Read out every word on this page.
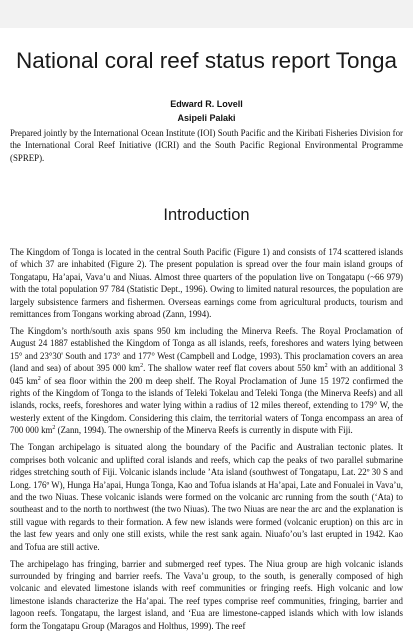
National coral reef status report Tonga
Edward R. Lovell
Asipeli Palaki

Prepared jointly by the International Ocean Institute (IOI) South Pacific and the Kiribati Fisheries Division for the International Coral Reef Initiative (ICRI) and the South Pacific Regional Environmental Programme (SPREP).

Introduction

The Kingdom of Tonga is located in the central South Pacific (Figure 1) and consists of 174 scattered islands of which 37 are inhabited (Figure 2). The present population is spread over the four main island groups of Tongatapu, Ha’apai, Vava’u and Niuas. Almost three quarters of the population live on Tongatapu (~66 979) with the total population 97 784 (Statistic Dept., 1996). Owing to limited natural resources, the population are largely subsistence farmers and fishermen. Overseas earnings come from agricultural products, tourism and remittances from Tongans working abroad (Zann, 1994).

The Kingdom’s north/south axis spans 950 km including the Minerva Reefs. The Royal Proclamation of August 24 1887 established the Kingdom of Tonga as all islands, reefs, foreshores and waters lying between 15° and 23°30' South and 173° and 177° West (Campbell and Lodge, 1993). This proclamation covers an area (land and sea) of about 395 000 $km^2$. The shallow water reef flat covers about 550 $km^2$ with an additional 3 045 $km^2$ of sea floor within the 200 m deep shelf. The Royal Proclamation of June 15 1972 confirmed the rights of the Kingdom of Tonga to the islands of Teleki Tokelau and Teleki Tonga (the Minerva Reefs) and all islands, rocks, reefs, foreshores and water lying within a radius of 12 miles thereof, extending to 179° W, the westerly extent of the Kingdom. Considering this claim, the territorial waters of Tonga encompass an area of 700 000 $km^2$ (Zann, 1994). The ownership of the Minerva Reefs is currently in dispute with Fiji.

The Tongan archipelago is situated along the boundary of the Pacific and Australian tectonic plates. It comprises both volcanic and uplifted coral islands and reefs, which cap the peaks of two parallel submarine ridges stretching south of Fiji. Volcanic islands include ’Ata island (southwest of Tongatapu, Lat. 22º 30 S and Long. 176º W), Hunga Ha’apai, Hunga Tonga, Kao and Tofua islands at Ha’apai, Late and Fonualei in Vava’u, and the two Niuas. These volcanic islands were formed on the volcanic arc running from the south (‘Ata) to southeast and to the north to northwest (the two Niuas). The two Niuas are near the arc and the explanation is still vague with regards to their formation. A few new islands were formed (volcanic eruption) on this arc in the last few years and only one still exists, while the rest sank again. Niuafo’ou’s last erupted in 1942. Kao and Tofua are still active.

The archipelago has fringing, barrier and submerged reef types. The Niua group are high volcanic islands surrounded by fringing and barrier reefs. The Vava’u group, to the south, is generally composed of high volcanic and elevated limestone islands with reef communities or fringing reefs. High volcanic and low limestone islands characterize the Ha’apai. The reef types comprise reef communities, fringing, barrier and lagoon reefs. Tongatapu, the largest island, and ‘Eua are limestone-capped islands which with low islands form the Tongatapu Group (Maragos and Holthus, 1999). The reef
